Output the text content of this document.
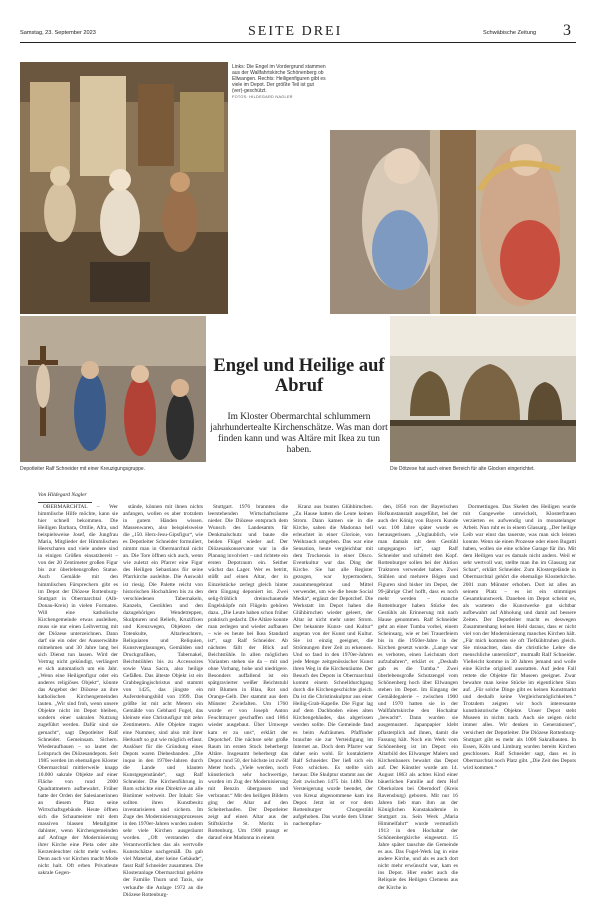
Samstag, 23. September 2023	SEITE DREI	Schwäbische Zeitung 3
Links: Die Engel im Vordergrund stammen aus der Wallfahrtskirche Schönenberg ob Ellwangen. Rechts: Heiligenfiguren gibt es viele im Depot. Der größte Teil ist gut (ver)-geschützt.
FOTOS: HILDEGARD NAGLER
Depotleiter Ralf Schneider mit einer Kreuzigungsgruppe.	Die Dötzese hat auch einen Bereich für alte Glocken eingerichtet.
Engel und Heilige auf Abruf
Im Kloster Obermarchtal schlummern jahrhundertealte Kirchenschätze. Was man dort finden kann und was Altäre mit Ikea zu tun haben.
Von Hildegard Nagler

OBERMARCHTAL – Wer himmlische Hilfe möchte, kann sie hier schnell bekommen. Die Heiligen Barbara, Ottilie, Afra, und beispielsweise Josef, die Jungfrau Maria, Mitglieder der Himmlischen Heerscharen und viele andere sind in einigen Größen einsatzbereit – von der 20 Zentimeter großen Figur bis zur überlebensgroßen Statue. Auch Gemälde mit den himmlischen Fürsprechern gibt es im Depot der Diözese Rottenburg-Stuttgart in Obermarchtal (Alb-Donau-Kreis) in vielen Formaten. Will eine katholische Kirchengemeinde etwas ausleihen, muss sie nur einen Leihvertrag mit der Diözese unterzeichnen. Dann darf sie ein oder der Ausserwählte mitnehmen und 30 Jahre lang bei sich Dienst tun lassen. Wird der Vertrag nicht gekündigt, verlängert er sich automatisch um ein Jahr. „Wenn eine Heiligenfigur oder ein anderes religiöses Objekt“, könnte das Angebot der Diözese an ihre katholischen Kirchengemeinden lauten. „Wir sind froh, wenn unsere Objekte nicht im Depot bleiben, sondern einer sakralen Nutzung zugeführt werden. Dafür sind sie gemacht“, sagt Depotleiter Ralf Schneider. Gemeinsam. Sichern. Wiederaufbauen – so lautet der Leitspruch des Diözesandepots. Seit 1985 werden im ehemaligen Kloster Obermarchtal mittlerweile knapp 10.000 sakrale Objekte auf einer Fläche von rund 2000 Quadratmetern aufbewahrt. Früher hatte der Orden der Salesianerinnen an diesem Platz seine Wirtschaftsgebäude. Heute öffnen sich die Schaumeister mit dem massiven blassen Metallgitter dahinter, wenn Kirchengemeinden auf Anfrage der Modernisierung ihrer Kirche eine Pieta oder alte Kerzenleuchter nicht mehr wollen. Denn auch vor Kirchen macht Mode nicht halt. Oft erben Privatleute sakrale Gegen-

stände, können mit ihnen nichts anfangen, wollen es aber trotzdem in gutem Händen wissen. Massenwaren, also beispielsweise die „150. Herz-Jesu-Gipsfigur“, wie es Depotleiter Schneider formuliert, nimmt man in Obermarchtal nicht an. Die Tore öffnen sich auch, wenn wie zuletzt ein Pfarrer eine Figur des Heiligen Sebastians für seine Pfarrkirche ausleihte. Die Auswahl ist riesig. Die Palette reicht von historischen Hochaltären bis zu den verschiedenen Tabernakeln, Kanzeln, Gestühlen und den dazugehörigen Wendetreppen, Skulpturen und Reliefs, Kruzifixen und Kreuzwegen, Objekten der Totenkulte, Altarleuchtern, Reliquiaren und Reliquien, Kunstverglasungen, Gemälden und Druckgrafiken, Tabernakel, Beichtstühlen bis zu Accessoires sowie Vasa Sacra, also heilige Gefäßen. Das älteste Objekt ist ein Grabbegängischristus und stammt von 1425, das jüngste ein Auferstehungsbild von 1999. Das größte ist mit acht Metern ein Gemälde von Gebhard Fugel, das kleinste eine Christusfigur mit zehn Zentimetern. Alle Objekte tragen eine Nummer, sind also mit ihrer Herkunft so gut wie möglich erfasst. Auslöser für die Gründung eines Depots waren Diebesbanden. „Die inquo in den 1970er-Jahren durch die Lande und klauten Kunstgegenstände“, sagt Ralf Schneider. Die Kirchenführung in Rom schickte eine Direktive an alle Bistümer weltweit. Der Inhalt: Sie sollten ihren Kunstbesitz inventarisieren und sichern. Im Zuge des Modernisierungsprozesses in den 1970er-Jahren wurden zudem sehr viele Kirchen ausgeräumt worden. „Oft verstanden die Verantwortlichen das als wertvolle Kunstschätze nachgemäß. Da gab viel Material, aber keine Gebäude“, fasst Ralf Schneider zusammen. Die Klosteranlage Obermarchtal gehörte der Familie Thurn und Taxis, sie verkaufte die Anlage 1972 an die Diözese Rottenburg-

Stuttgart. 1976 brannten die leerstehenden Wirtschaftsräume nieder. Die Diözese entsprach dem Wunsch des Landesamts für Denkmalschutz und baute die beiden Flügel wieder auf. Der Diözesankonservator war in die Planung involviert – und richtete ein ersten Depotraum ein. Seither wächst das Lager. Wer es betritt, stößt auf einen Altar, der in Einzelstücke zerlegt gleich hinter dem Eingang deponiert ist. Zwei selig-fröhlich dreinschauende Engelsköpfe mit Flügeln gehören dazu. „Die Leute haben schon früher praktisch gedacht. Die Altäre konnte man zerlegen und wieder aufbauen – wie es heute bei Ikea Standard ist“, sagt Ralf Schneider. Ab nächstes fällt der Blick auf Beichtstühle. In allen möglichen Varianten stehen sie da – mit und ohne Vorhang, hohe und niedrigere. Besonders auffallend ist ein spätgravierter weißer Beichtstuhl mit Blumen in Blau, Rot und Orange-Gelb. Der stammt aus dem Münster Zwiefalten. Um 1760 wurde er von Joseph Anton Feuchtmayer geschaffen und 1864 wieder ausgebaut. Über Umwege kam er zu uns“, erklärt der Depotchef. Die nächste sehr große Raum im ersten Stock beherbergt Altäre. Insgesamt beherbergt das Depot rund 50, der höchste ist zwölf Meter hoch. „Viele werden, noch künstlerisch sehr hochwertige, wurden im Zug der Modernisierung mit Benzin übergossen und verbrannt.“ Mit den heiligen Bildern ging der Altar auf den Scheiterhaufen. Der Depotleiter zeigt auf einen Altar aus der Stiftskirche St. Moritz in Rottenburg. Um 1900 prangt er darauf eine Madonna in einem

Kranz aus bunten Glühbirnchen. „Zu Hause hatten die Leute keinen Strom. Dann kamen sie in die Kirche, sahen die Madonna hell erleuchtet in einer Glorioie, von Weihrauch umgeben. Das war eine Sensation, heute vergleichbar mit dem Trockensis in einer Disco. Eventkultur war das Ding der Kirche. Sie hat alle Register gezogen, war hypermodern, zusammengebraut und Mittel verwendet, um wie die heute Social Media“, ergänzt der Depotchef. Die Werkstatt im Depot haben die Glühbirnchen wieder geleert, der Altar ist nicht mehr unter Strom. Der bekannte Kunst- und Kultur“ angetan von der Kunst und Kultur. Sie ist einzig geeignet, die Strömungen ihrer Zeit zu erkennen. Und so fand in den 1970er-Jahren jede Menge zeitgenössischer Kunst ihren Weg in die Kirchenräume. Der Besuch des Depots in Obermarchtal kommt einem Schnelldurchgang durch die Kirchengeschichte gleich. Da ist die Christinskulptur aus einer Heilig-Grab-Kapelle. Die Figur lag auf dem Dachboden eines alten Kirchengebäudes, das abgerissen werden sollte. Die Gemeinde fand es beim Aufräumen. Pfaffinder brauchte sie zur Verteidigung im Internet an. Doch dem Pfarrer war daher sein wohl. Er kontaktierte Ralf Schneider. Der ließ sich ein Foto schicken. Es stellte sich heraus: Die Skulptur stammt aus der Zeit zwischen 1475 bis 1480. Die Versteigerung wurde beendet, der von Kreuz abgenommene kam ins Depot. Jetzt ist er vor dem Rottenburger Chorgestühl aufgehoben. Das wurde dem Ulmer nachempfun-

den, 1856 von der Bayerischen Hofkunstanstalt ausgeführt, bei der auch der König von Bayern Kunde war. 100 Jahre später wurde es herausgerissen. „Unglaublich, wie man damals mit dem Gestühl umgegangen ist“, sagt Ralf Schneider und schüttelt den Kopf. Rottenburger sollen bei der Aktion Traktoren verwendet haben. Zwei Stühlen und mehrere Bögen und Figuren sind bisher im Depot, der 99-jährige Chef hofft, dass es noch mehr werden – manche Rottenburger haben Stücke des Gestühls als Erinnerung mit nach Hause genommen. Ralf Schneider geht an einer Tumba vorbei, einem Scheinsarg, wie er bei Trauerfeiern bis in die 1950er-Jahre in der Kirchen gesetzt wurde. „Lange war es verboten, einen Leichnam dort aufzubahren“, erklärt er. „Deshalb gab es die Tumba.“ Zwei überlebensgroße Schutzengel vom Schönenberg hoch über Ellwangen stehen im Depot. Im Eingang der Gemäldegalerie – zwischen 1900 und 1970 hatten sie in der Wallfahrtskirche den Hochaltar „bewacht“. Dann wurden sie ausgemustert. Japanpapier klebt pflasterplich auf ihnen, damit die Fassung hält. Noch ein Werk vom Schönenberg ist im Depot: ein Altarbild des Ellwanger Malers und Kirchenbauers bewahrt das Depot auf. Der Künstler wurde am 14. August 1863 als achtes Kind einer bäuerlichen Familie auf dem Hof Oberkolzen bei Oberndorf (Kreis Ravensburg) geboren. Mit nur 16 Jahren lieb man ihm an der Königlichen Kunstakademie in Stuttgart zu. Sein Werk „Maria Himmelfahrt“ wurde vermutlich 1913 in den Hochaltar der Schönenbergkirche eingesetzt. 15 Jahre später tauschte die Gemeinde es aus. Das Fugel-Werk lag in eine andere Kirche, und als es auch dort nicht mehr erwünscht war, kam es ins Depot. Hier endet auch die Reliquie des Heiligen Clemens aus der Kirche in

Dormettingen. Das Skelett des Heiligen wurde mit Gangewebe umwickelt, Klosterfrauen verzierten es aufwendig und in monatelanger Arbeit. Nun ruht es in einem Glassarg. „Der heilige Leib war einst das tauerste, was man sich leisten konnte. Wenn sie einen Prozesse oder einen Bugatti haben, wollen sie eine schöne Garage für ihn. Mit dem Heiligen war es damals nicht anders. Weil er sehr wertvoll war, stellte man ihn im Glassarg zur Schau“, erklärt Schneider. Zum Klostergelände in Obermarchtal gehört die ehemalige Klosterkirche. 2001 zum Münster erhoben. Dort ist alles an seinem Platz – es ist ein stimmiges Gesamtkunstwerk. Daneben im Depot scheint es, als warteten die Kunstwerke gut sichtbar aufbewahrt auf Abholung und damit auf bessere Zeiten. Der Depotleiter macht es deswegen Zusammenhang keinen Hehl daraus, dass er nicht viel von der Modernisierung manches Kirchen hält. „Für mich kommen sie oft Tiefkühltruhen gleich. Sie missachtet, dass die christliche Lehre die menschliche unterstützt“, mutmaßt Ralf Schneider. Vielleicht komme in 30 Jahren jemand und wolle eine Kirche originell ausstatten. Auf jeden Fall rettete die Objekte für Museen geeignet. Zwar bewahre man keine Stücke im eigentlichen Sinn auf. „Für solche Dinge gibt es keinen Kunstmarkt und deshalb keine Vergleichsmöglichkeiten.“ Trotzdem zeigten wir hoch interessante kunsthistorische Objekte. Unser Depot steht Museen in nichts nach. Auch sie zeigen nicht immer alles. Wir denken in Generationen“, versichert der Depotleiter. Die Diözese Rottenburg-Stuttgart gibt es mehr als 1000 Sakralbauten. In Essen, Köln und Limburg wurden bereits Kirchen geschlossen. Ralf Schneider sagt, dass es in Obermarchtal noch Platz gibt. „Die Zeit des Depots wird kommen.“
